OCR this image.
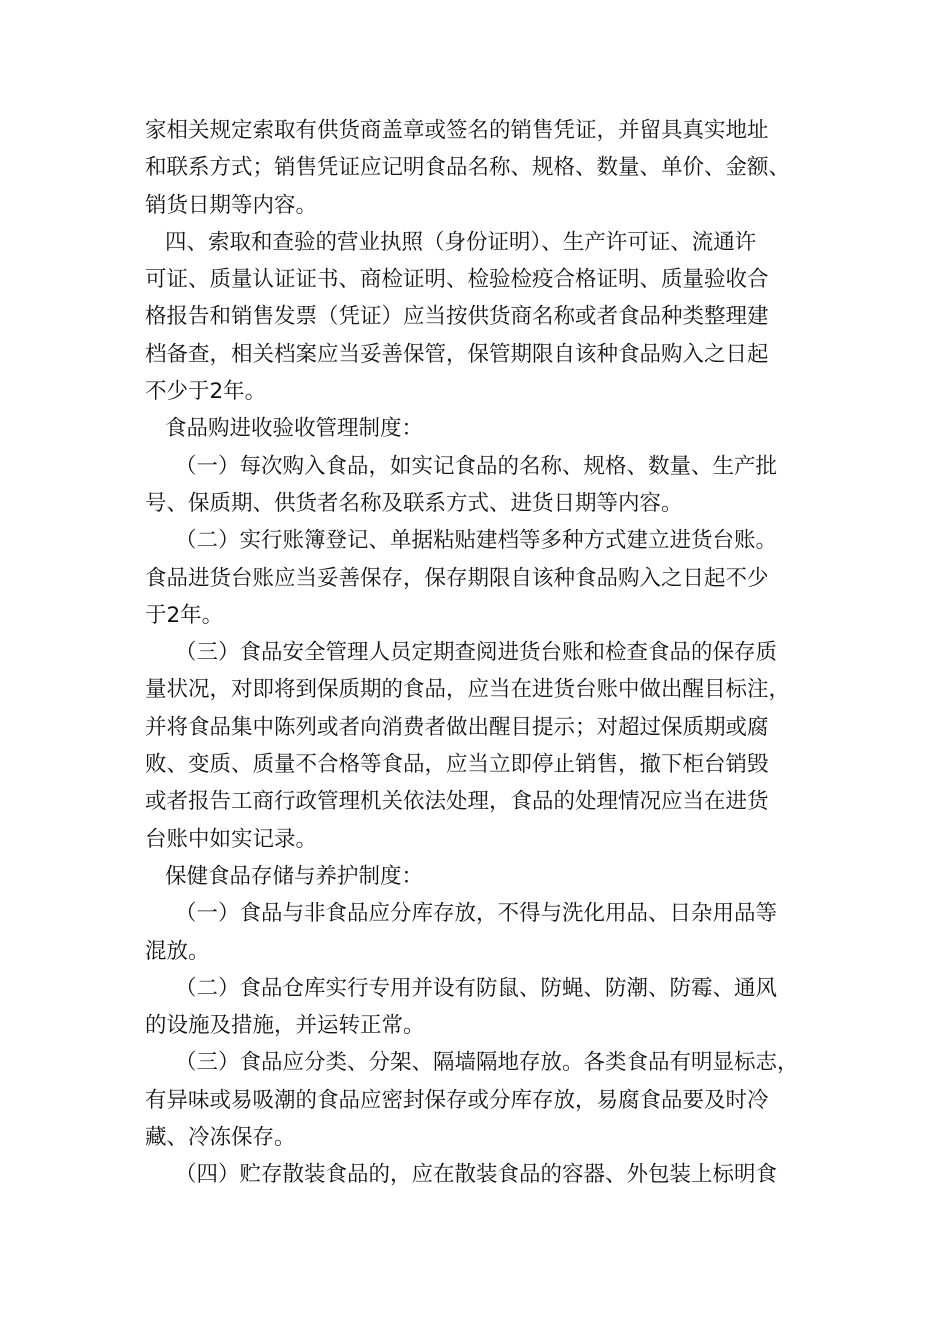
家相关规定索取有供货商盖章或签名的销售凭证，并留具真实地址
和联系方式；销售凭证应记明食品名称、规格、数量、单价、金额、
销货日期等内容。
四、索取和查验的营业执照（身份证明）、生产许可证、流通许
可证、质量认证证书、商检证明、检验检疫合格证明、质量验收合
格报告和销售发票（凭证）应当按供货商名称或者食品种类整理建
档备查，相关档案应当妥善保管，保管期限自该种食品购入之日起
不少于2年。
食品购进收验收管理制度：
（一）每次购入食品，如实记食品的名称、规格、数量、生产批
号、保质期、供货者名称及联系方式、进货日期等内容。
（二）实行账簿登记、单据粘贴建档等多种方式建立进货台账。
食品进货台账应当妥善保存，保存期限自该种食品购入之日起不少
于2年。
（三）食品安全管理人员定期查阅进货台账和检查食品的保存质
量状况，对即将到保质期的食品，应当在进货台账中做出醒目标注，
并将食品集中陈列或者向消费者做出醒目提示；对超过保质期或腐
败、变质、质量不合格等食品，应当立即停止销售，撤下柜台销毁
或者报告工商行政管理机关依法处理，食品的处理情况应当在进货
台账中如实记录。
保健食品存储与养护制度：
（一）食品与非食品应分库存放，不得与洗化用品、日杂用品等
混放。
（二）食品仓库实行专用并设有防鼠、防蝇、防潮、防霉、通风
的设施及措施，并运转正常。
（三）食品应分类、分架、隔墙隔地存放。各类食品有明显标志，
有异味或易吸潮的食品应密封保存或分库存放，易腐食品要及时冷
藏、冷冻保存。
（四）贮存散装食品的，应在散装食品的容器、外包装上标明食
